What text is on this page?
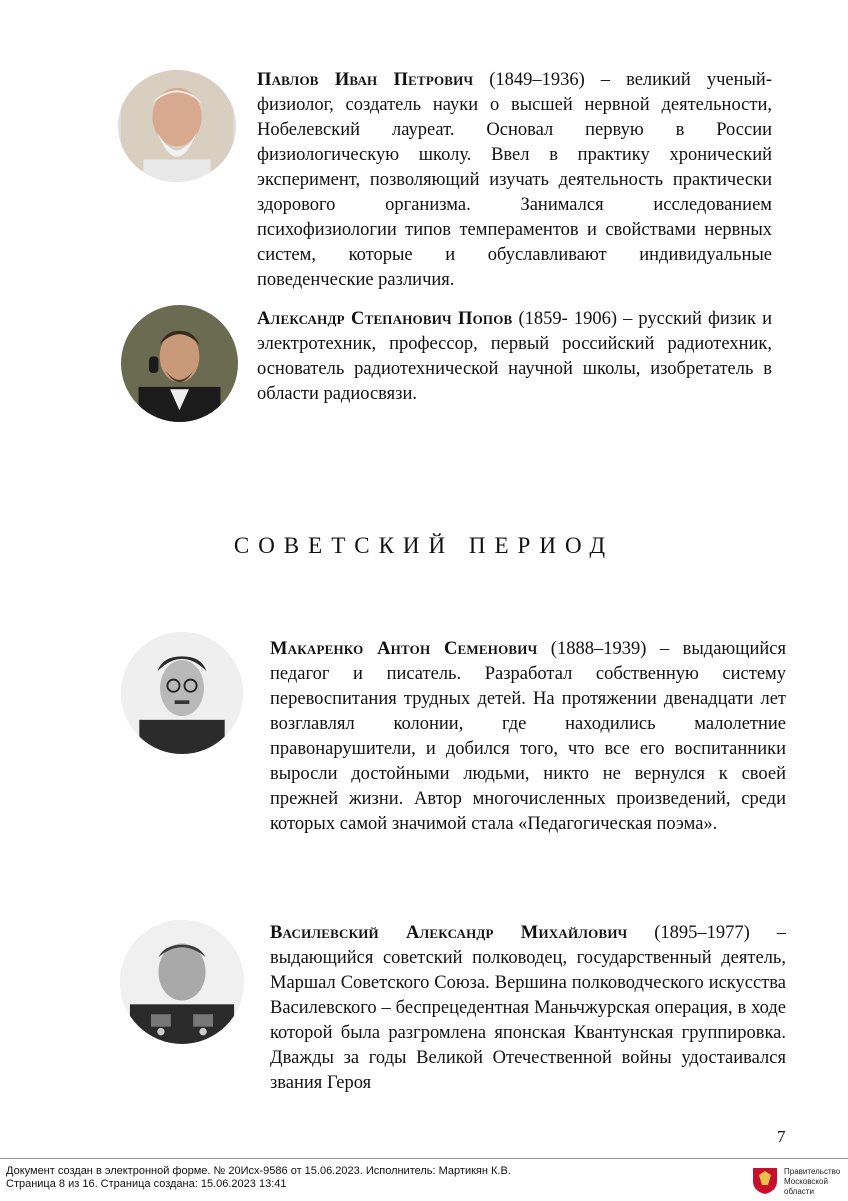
Павлов Иван Петрович (1849–1936) – великий ученый-физиолог, создатель науки о высшей нервной деятельности, Нобелевский лауреат. Основал первую в России физиологическую школу. Ввел в практику хронический эксперимент, позволяющий изучать деятельность практически здорового организма. Занимался исследованием психофизиологии типов темпераментов и свойствами нервных систем, которые и обуславливают индивидуальные поведенческие различия.
Александр Степанович Попов (1859- 1906) – русский физик и электротехник, профессор, первый российский радиотехник, основатель радиотехнической научной школы, изобретатель в области радиосвязи.
СОВЕТСКИЙ ПЕРИОД
Макаренко Антон Семенович (1888–1939) – выдающийся педагог и писатель. Разработал собственную систему перевоспитания трудных детей. На протяжении двенадцати лет возглавлял колонии, где находились малолетние правонарушители, и добился того, что все его воспитанники выросли достойными людьми, никто не вернулся к своей прежней жизни. Автор многочисленных произведений, среди которых самой значимой стала «Педагогическая поэма».
Василевский Александр Михайлович (1895–1977) – выдающийся советский полководец, государственный деятель, Маршал Советского Союза. Вершина полководческого искусства Василевского – беспрецедентная Маньчжурская операция, в ходе которой была разгромлена японская Квантунская группировка. Дважды за годы Великой Отечественной войны удостаивался звания Героя
7
Документ создан в электронной форме. № 20Исх-9586 от 15.06.2023. Исполнитель: Мартикян К.В.
Страница 8 из 16. Страница создана: 15.06.2023 13:41
Правительство Московской области
